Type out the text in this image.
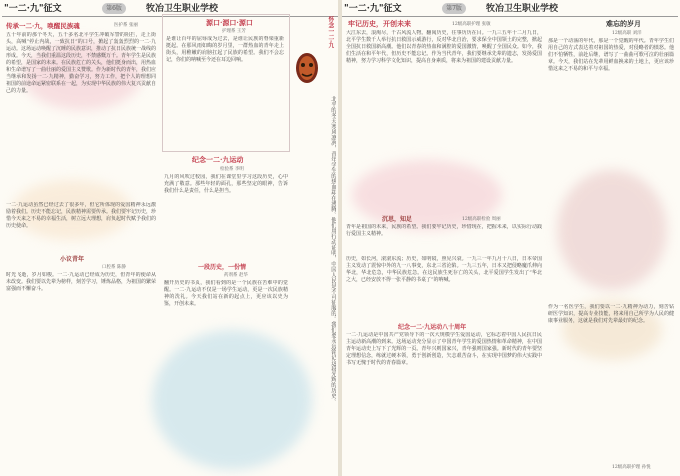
"一二·九"征文	第6版	牧冶卫生职业学校
传承一二·九，唤醒民族魂	医护系 张丽
五十年前的那个冬天，五千多名北平学生冲破军警的阻拦，走上街头，高喊“停止内战，一致抗日”的口号，掀起了轰轰烈烈的一二·九运动。这场运动唤醒了沉睡的民族意识，推动了抗日民族统一战线的形成。今天，当我们重温这段历史，不禁感慨万千。青年学生是民族的希望，是国家的未来。在民族危亡的关头，他们挺身而出，用热血和生命谱写了一曲壮丽的爱国主义赞歌。作为新时代的青年，我们应当继承和发扬一二·九精神，勤奋学习，努力工作，把个人的理想同祖国的前途命运紧密联系在一起，为实现中华民族的伟大复兴贡献自己的力量。
一二·九运动虽然已经过去了很多年，但它所体现的爱国精神永远激励着我们。历史不能忘记，民族精神需要传承。我们要牢记历史，珍惜今天来之不易的幸福生活，树立远大理想，肩负起时代赋予我们的历史使命。
源口·源口·源口
护理系 王芳
是谁让百年的屈辱成为过去，是谁让民族的脊梁重新挺起。在那风雨如晦的岁月里，一群热血的青年走上街头，用稚嫩的肩膀扛起了民族的希望。我们不会忘记，你们的呐喊至今还在耳边回响。
纪念一二·九运动
检验系 李明
九月的风吹过校园，我们在课堂里学习这段历史，心中充满了敬意。那些年轻的面孔，那些坚定的眼神，告诉我们什么是责任，什么是担当。
小议青年
口腔系 陈静
时光飞逝，岁月如梭。一二·九运动已经成为历史，但青年的使命从未改变。我们要以先辈为榜样，刻苦学习，锤炼品格，为祖国的繁荣富强而不懈奋斗。
一段历史，一份情
药剂系 赵华
翻开历史的书页，我们看到的是一个民族在苦难中的觉醒。一二·九运动不仅是一场学生运动，更是一次民族精神的洗礼。今天我们站在新的起点上，更应该以史为鉴，开创未来。
怀念一二·九
北平的冬天寒风凛冽，青年学生的热血却在沸腾。他们用行动证明，中国人民是不可征服的。我们要永远铭记这段光辉的历史。
"一二·九"征文	第7版	牧冶卫生职业学校
牢记历史，开创未来	12级高职护理 张敏
大江东去，浪淘尽，千古风流人物。翻阅历史，往事历历在目。一九三五年十二月九日，北平学生数千人举行抗日救国示威游行，反对华北自治，要求保全中国领土的完整，掀起全国抗日救国新高潮。他们以青春的热血和满腔的爱国激情，唤醒了全国民众。如今，我们生活在和平年代，但历史不能忘记。作为当代青年，我们要继承先辈的遗志，发扬爱国精神，努力学习科学文化知识，提高自身素质，将来为祖国的建设贡献力量。
沉思，知足	12级高职检验 周丽
青年是祖国的未来，民族的希望。我们要牢记历史，珍惜现在，把握未来，以实际行动践行爱国主义精神。
历史，如长河，滚滚东流；历史，如明镜，照见兴衰。一九三一年九月十八日，日本帝国主义发动了震惊中外的九一八事变，东北三省沦陷。一九三五年，日本又把侵略魔爪伸向华北，华北危急，中华民族危急。在这民族生死存亡的关头，北平爱国学生发出了“华北之大，已经安放不得一张平静的书桌了”的呐喊。
难忘的岁月
12级高职 刘洋
那是一个动荡的年代，那是一个觉醒的年代。青年学生们用自己的方式表达着对祖国的热爱，对侵略者的愤怒。他们不怕牺牲，前赴后继，谱写了一曲曲可歌可泣的壮丽篇章。今天，我们站在先辈用鲜血换来的土地上，更应该珍惜这来之不易的和平与幸福。
纪念一二·九运动八十周年
一二·九运动是中国共产党领导下的一次大规模学生爱国运动，它标志着中国人民抗日民主运动新高潮的到来。这场运动充分显示了中国青年学生的爱国热情和革命精神，在中国青年运动史上写下了光辉的一页。青年兴则国家兴，青年强则国家强。新时代的青年要坚定理想信念，练就过硬本领，勇于创新创造，矢志艰苦奋斗，在实现中国梦的伟大实践中书写无愧于时代的青春篇章。
作为一名医学生，我们要以一二·九精神为动力，刻苦钻研医学知识，提高专业技能，将来用自己所学为人民的健康事业服务，这就是我们对先辈最好的纪念。
12级高职护理 孙悦
